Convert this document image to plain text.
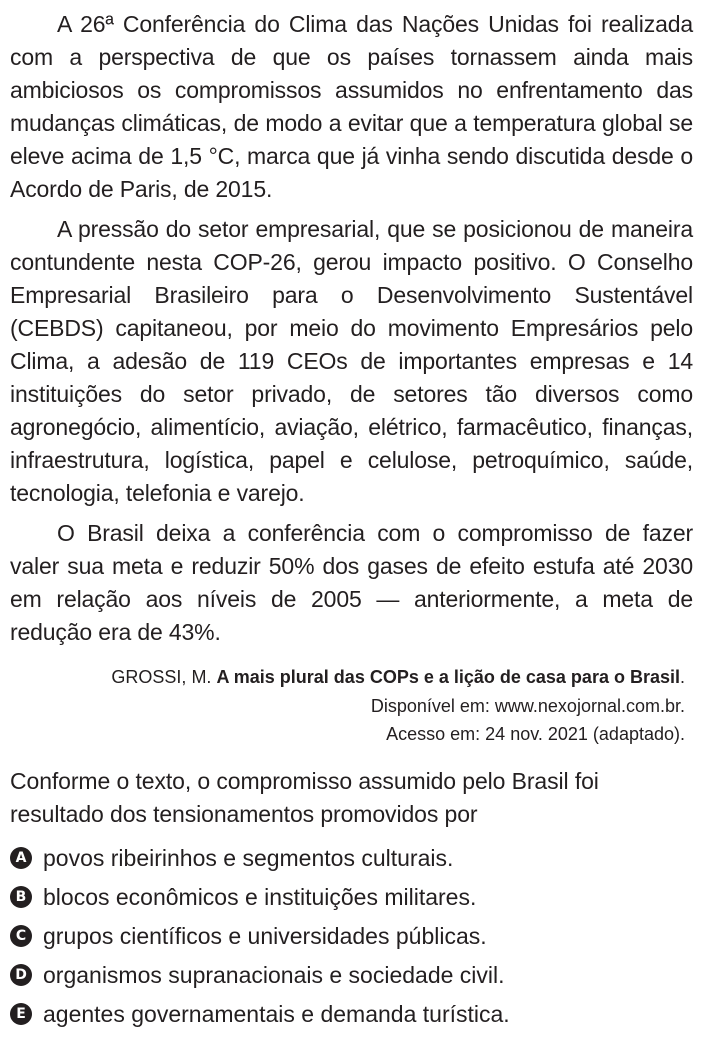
A 26ª Conferência do Clima das Nações Unidas foi realizada com a perspectiva de que os países tornassem ainda mais ambiciosos os compromissos assumidos no enfrentamento das mudanças climáticas, de modo a evitar que a temperatura global se eleve acima de 1,5 °C, marca que já vinha sendo discutida desde o Acordo de Paris, de 2015.

A pressão do setor empresarial, que se posicionou de maneira contundente nesta COP-26, gerou impacto positivo. O Conselho Empresarial Brasileiro para o Desenvolvimento Sustentável (CEBDS) capitaneou, por meio do movimento Empresários pelo Clima, a adesão de 119 CEOs de importantes empresas e 14 instituições do setor privado, de setores tão diversos como agronegócio, alimentício, aviação, elétrico, farmacêutico, finanças, infraestrutura, logística, papel e celulose, petroquímico, saúde, tecnologia, telefonia e varejo.

O Brasil deixa a conferência com o compromisso de fazer valer sua meta e reduzir 50% dos gases de efeito estufa até 2030 em relação aos níveis de 2005 — anteriormente, a meta de redução era de 43%.

GROSSI, M. A mais plural das COPs e a lição de casa para o Brasil.
Disponível em: www.nexojornal.com.br.
Acesso em: 24 nov. 2021 (adaptado).

Conforme o texto, o compromisso assumido pelo Brasil foi resultado dos tensionamentos promovidos por

A povos ribeirinhos e segmentos culturais.
B blocos econômicos e instituições militares.
C grupos científicos e universidades públicas.
D organismos supranacionais e sociedade civil.
E agentes governamentais e demanda turística.
